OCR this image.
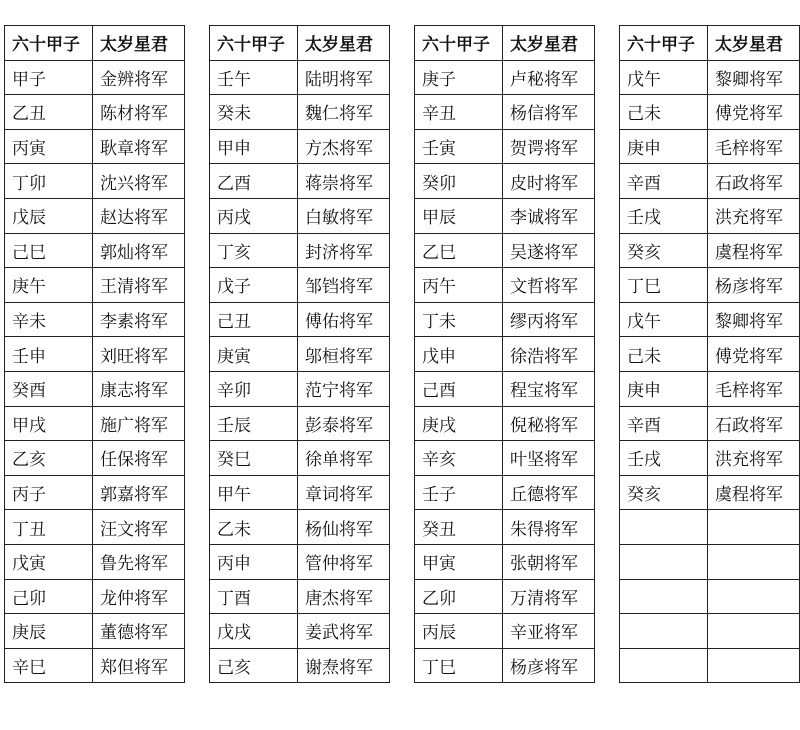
六十甲子	太岁星君
甲子	金辨将军
乙丑	陈材将军
丙寅	耿章将军
丁卯	沈兴将军
戊辰	赵达将军
己巳	郭灿将军
庚午	王清将军
辛未	李素将军
壬申	刘旺将军
癸酉	康志将军
甲戌	施广将军
乙亥	任保将军
丙子	郭嘉将军
丁丑	汪文将军
戊寅	鲁先将军
己卯	龙仲将军
庚辰	董德将军
辛巳	郑但将军
六十甲子	太岁星君
壬午	陆明将军
癸未	魏仁将军
甲申	方杰将军
乙酉	蒋崇将军
丙戌	白敏将军
丁亥	封济将军
戊子	邹铛将军
己丑	傅佑将军
庚寅	邬桓将军
辛卯	范宁将军
壬辰	彭泰将军
癸巳	徐单将军
甲午	章词将军
乙未	杨仙将军
丙申	管仲将军
丁酉	唐杰将军
戊戌	姜武将军
己亥	谢焘将军
六十甲子	太岁星君
庚子	卢秘将军
辛丑	杨信将军
壬寅	贺谔将军
癸卯	皮时将军
甲辰	李诚将军
乙巳	吴遂将军
丙午	文哲将军
丁未	缪丙将军
戊申	徐浩将军
己酉	程宝将军
庚戌	倪秘将军
辛亥	叶坚将军
壬子	丘德将军
癸丑	朱得将军
甲寅	张朝将军
乙卯	万清将军
丙辰	辛亚将军
丁巳	杨彦将军
六十甲子	太岁星君
戊午	黎卿将军
己未	傅党将军
庚申	毛梓将军
辛酉	石政将军
壬戌	洪充将军
癸亥	虞程将军
丁巳	杨彦将军
戊午	黎卿将军
己未	傅党将军
庚申	毛梓将军
辛酉	石政将军
壬戌	洪充将军
癸亥	虞程将军
